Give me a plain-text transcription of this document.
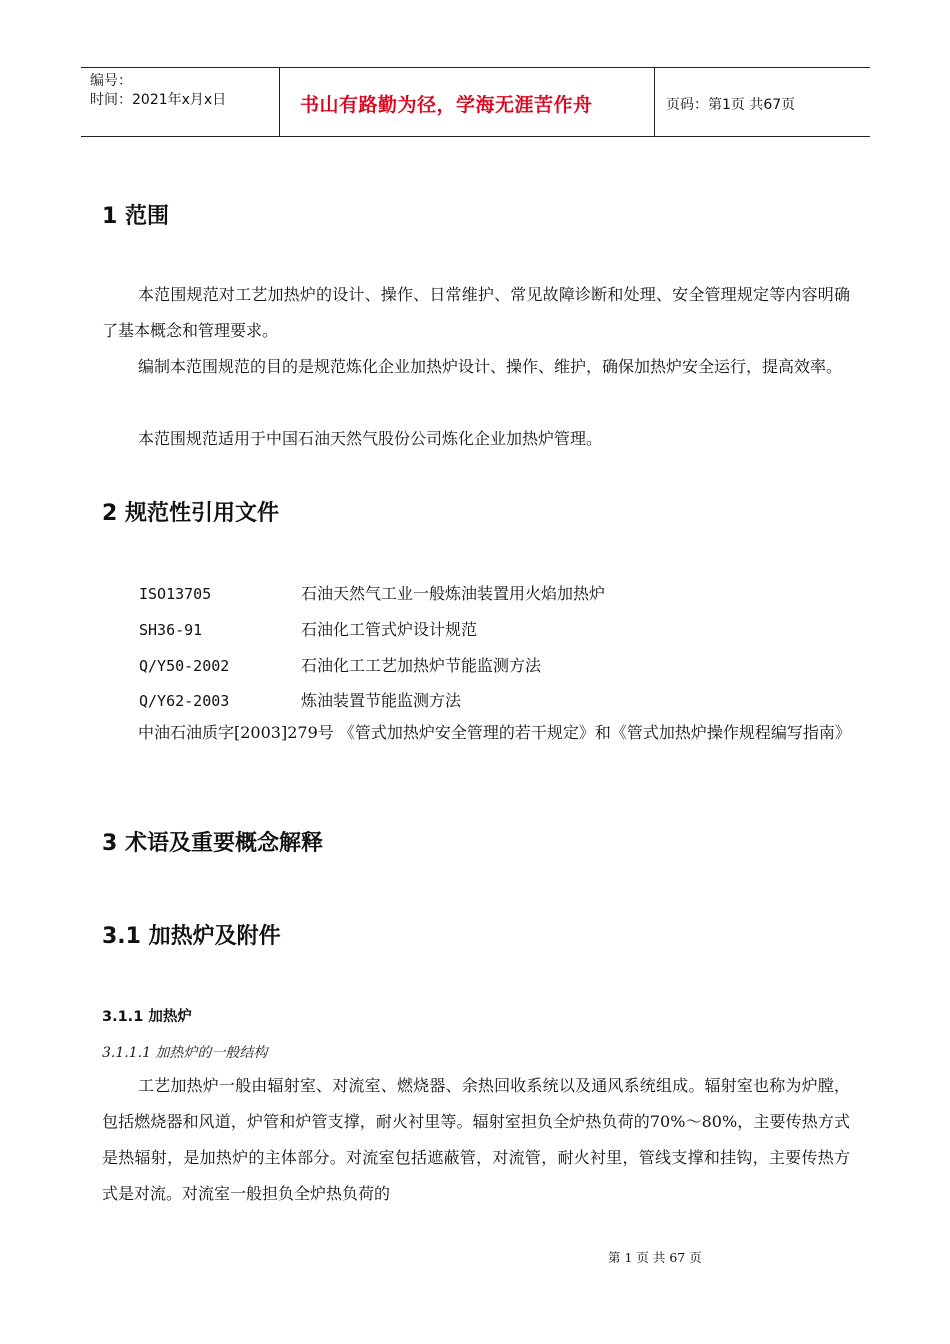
编号：
时间：2021年x月x日	书山有路勤为径，学海无涯苦作舟	页码：第1页 共67页
1 范围

本范围规范对工艺加热炉的设计、操作、日常维护、常见故障诊断和处理、安全管理规定等内容明确了基本概念和管理要求。

编制本范围规范的目的是规范炼化企业加热炉设计、操作、维护，确保加热炉安全运行，提高效率。

本范围规范适用于中国石油天然气股份公司炼化企业加热炉管理。

2 规范性引用文件
ISO13705	石油天然气工业一般炼油装置用火焰加热炉
SH36-91	石油化工管式炉设计规范
Q/Y50-2002	石油化工工艺加热炉节能监测方法
Q/Y62-2003	炼油装置节能监测方法

中油石油质字[2003]279号 《管式加热炉安全管理的若干规定》和《管式加热炉操作规程编写指南》

3 术语及重要概念解释
3.1 加热炉及附件
3.1.1 加热炉
3.1.1.1 加热炉的一般结构

工艺加热炉一般由辐射室、对流室、燃烧器、余热回收系统以及通风系统组成。辐射室也称为炉膛，包括燃烧器和风道，炉管和炉管支撑，耐火衬里等。辐射室担负全炉热负荷的70%～80%，主要传热方式是热辐射，是加热炉的主体部分。对流室包括遮蔽管，对流管，耐火衬里，管线支撑和挂钩，主要传热方式是对流。对流室一般担负全炉热负荷的

第 1 页 共 67 页
